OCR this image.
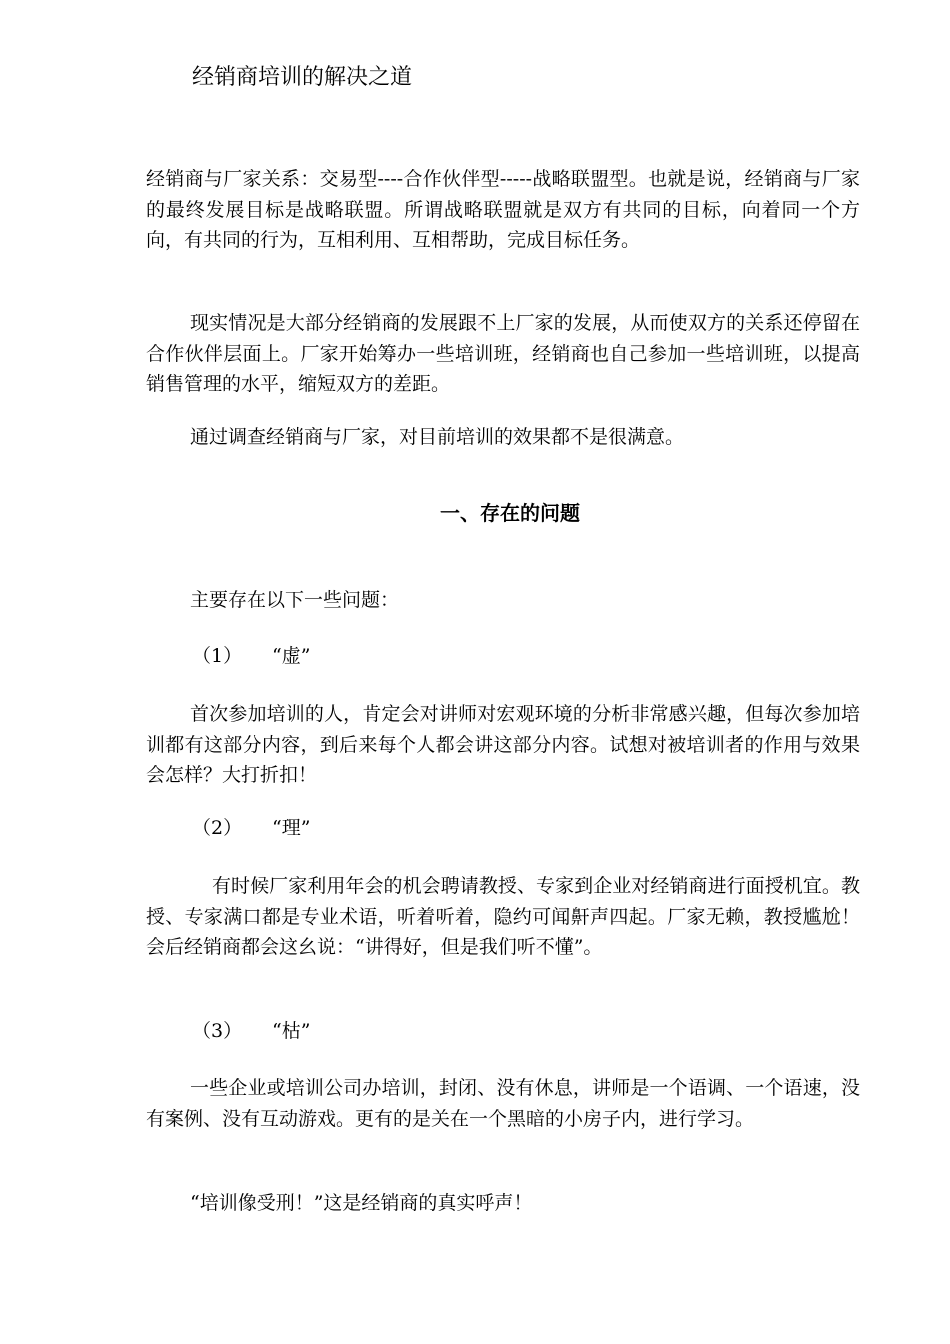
经销商培训的解决之道

经销商与厂家关系：交易型----合作伙伴型-----战略联盟型。也就是说，经销商与厂家的最终发展目标是战略联盟。所谓战略联盟就是双方有共同的目标，向着同一个方向，有共同的行为，互相利用、互相帮助，完成目标任务。

现实情况是大部分经销商的发展跟不上厂家的发展，从而使双方的关系还停留在合作伙伴层面上。厂家开始筹办一些培训班，经销商也自己参加一些培训班，以提高销售管理的水平，缩短双方的差距。

通过调查经销商与厂家，对目前培训的效果都不是很满意。

一、存在的问题

主要存在以下一些问题：

（1） “虚”

首次参加培训的人，肯定会对讲师对宏观环境的分析非常感兴趣，但每次参加培训都有这部分内容，到后来每个人都会讲这部分内容。试想对被培训者的作用与效果会怎样？大打折扣！

（2） “理”

有时候厂家利用年会的机会聘请教授、专家到企业对经销商进行面授机宜。教授、专家满口都是专业术语，听着听着，隐约可闻鼾声四起。厂家无赖，教授尴尬！会后经销商都会这幺说：“讲得好，但是我们听不懂”。

（3） “枯”

一些企业或培训公司办培训，封闭、没有休息，讲师是一个语调、一个语速，没有案例、没有互动游戏。更有的是关在一个黑暗的小房子内，进行学习。

“培训像受刑！”这是经销商的真实呼声！
